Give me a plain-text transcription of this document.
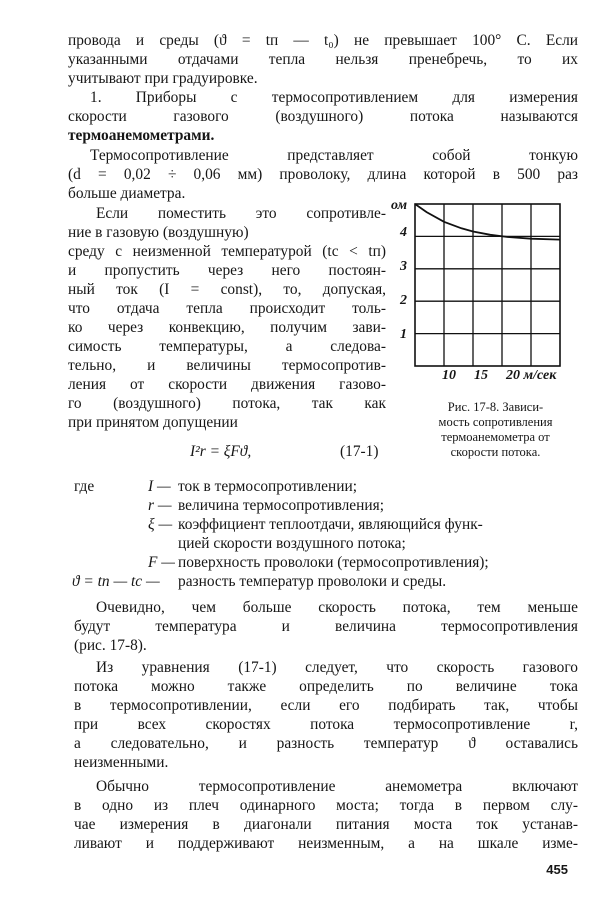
провода и среды (ϑ = tп — t₀) не превышает 100° С. Если
указанными отдачами тепла нельзя пренебречь, то их
учитывают при градуировке.
1. Приборы с термосопротивлением для измерения
скорости газового (воздушного) потока называются
термоанемометрами.
Термосопротивление представляет собой тонкую
(d = 0,02 ÷ 0,06 мм) проволоку, длина которой в 500 раз
больше диаметра.
Если поместить это сопротивле-
ние в газовую (воздушную)
среду с неизменной температурой (tc < tп)
и пропустить через него постоян-
ный ток (I = const), то, допуская,
что отдача тепла происходит толь-
ко через конвекцию, получим зави-
симость температуры, а следова-
тельно, и величины термосопротив-
ления от скорости движения газово-
го (воздушного) потока, так как
при принятом допущении
I²r = ξFϑ,	(17-1)
ом
4
3
2
1
10 15 20 м/сек
Рис. 17-8. Зависи-
мость сопротивления
термоанемометра от
скорости потока.
где	I — ток в термосопротивлении;
r — величина термосопротивления;
ξ — коэффициент теплоотдачи, являющийся функ-
цией скорости воздушного потока;
F — поверхность проволоки (термосопротивления);
ϑ = tп — tc — разность температур проволоки и среды.
Очевидно, чем больше скорость потока, тем меньше
будут температура и величина термосопротивления
(рис. 17-8).
Из уравнения (17-1) следует, что скорость газового
потока можно также определить по величине тока
в термосопротивлении, если его подбирать так, чтобы
при всех скоростях потока термосопротивление r,
а следовательно, и разность температур ϑ оставались
неизменными.
Обычно термосопротивление анемометра включают
в одно из плеч одинарного моста; тогда в первом слу-
чае измерения в диагонали питания моста ток устанав-
ливают и поддерживают неизменным, а на шкале изме-
455
